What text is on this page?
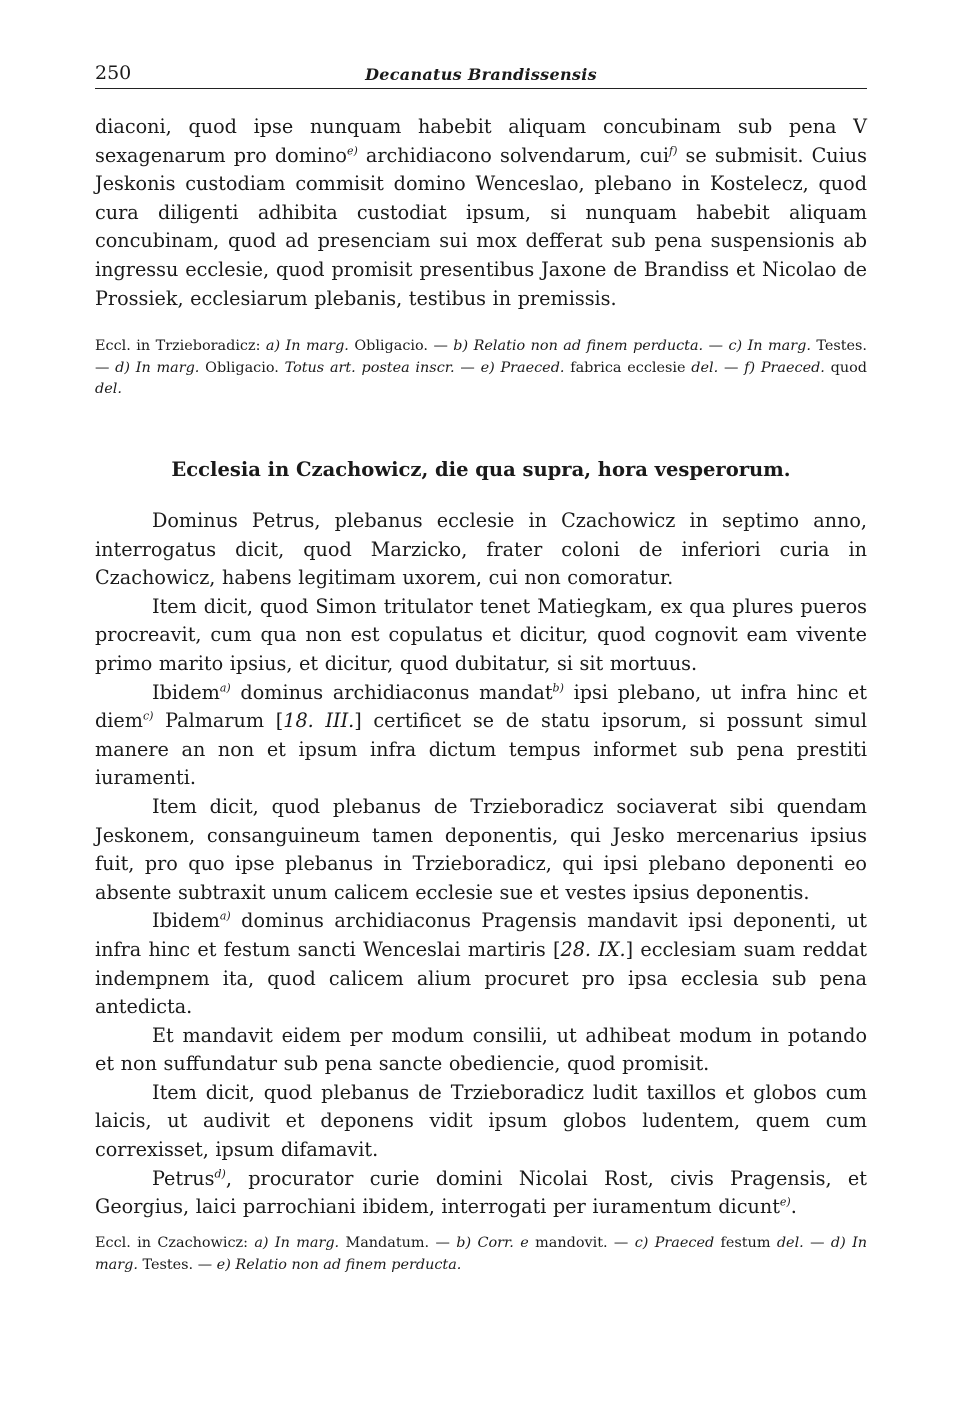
250	Decanatus Brandissensis

diaconi, quod ipse nunquam habebit aliquam concubinam sub pena V sexagenarum pro domino$^{e)}$ archidiacono solvendarum, cui$^{f)}$ se submisit. Cuius Jeskonis custodiam commisit domino Wenceslao, plebano in Kostelecz, quod cura diligenti adhibita custodiat ipsum, si nunquam habebit aliquam concubinam, quod ad presenciam sui mox defferat sub pena suspensionis ab ingressu ecclesie, quod promisit presentibus Jaxone de Brandiss et Nicolao de Prossiek, ecclesiarum plebanis, testibus in premissis.

Eccl. in Trzieboradicz: a) In marg. Obligacio. — b) Relatio non ad finem perducta. — c) In marg. Testes. — d) In marg. Obligacio. Totus art. postea inscr. — e) Praeced. fabrica ecclesie del. — f) Praeced. quod del.

Ecclesia in Czachowicz, die qua supra, hora vesperorum.

Dominus Petrus, plebanus ecclesie in Czachowicz in septimo anno, interrogatus dicit, quod Marzicko, frater coloni de inferiori curia in Czachowicz, habens legitimam uxorem, cui non comoratur.

Item dicit, quod Simon tritulator tenet Matiegkam, ex qua plures pueros procreavit, cum qua non est copulatus et dicitur, quod cognovit eam vivente primo marito ipsius, et dicitur, quod dubitatur, si sit mortuus.

Ibidem$^{a)}$ dominus archidiaconus mandat$^{b)}$ ipsi plebano, ut infra hinc et diem$^{c)}$ Palmarum [18. III.] certificet se de statu ipsorum, si possunt simul manere an non et ipsum infra dictum tempus informet sub pena prestiti iuramenti.

Item dicit, quod plebanus de Trzieboradicz sociaverat sibi quendam Jeskonem, consanguineum tamen deponentis, qui Jesko mercenarius ipsius fuit, pro quo ipse plebanus in Trzieboradicz, qui ipsi plebano deponenti eo absente subtraxit unum calicem ecclesie sue et vestes ipsius deponentis.

Ibidem$^{a)}$ dominus archidiaconus Pragensis mandavit ipsi deponenti, ut infra hinc et festum sancti Wenceslai martiris [28. IX.] ecclesiam suam reddat indempnem ita, quod calicem alium procuret pro ipsa ecclesia sub pena antedicta.

Et mandavit eidem per modum consilii, ut adhibeat modum in potando et non suffundatur sub pena sancte obediencie, quod promisit.

Item dicit, quod plebanus de Trzieboradicz ludit taxillos et globos cum laicis, ut audivit et deponens vidit ipsum globos ludentem, quem cum correxisset, ipsum difamavit.

Petrus$^{d)}$, procurator curie domini Nicolai Rost, civis Pragensis, et Georgius, laici parrochiani ibidem, interrogati per iuramentum dicunt$^{e)}$.

Eccl. in Czachowicz: a) In marg. Mandatum. — b) Corr. e mandovit. — c) Praeced festum del. — d) In marg. Testes. — e) Relatio non ad finem perducta.
